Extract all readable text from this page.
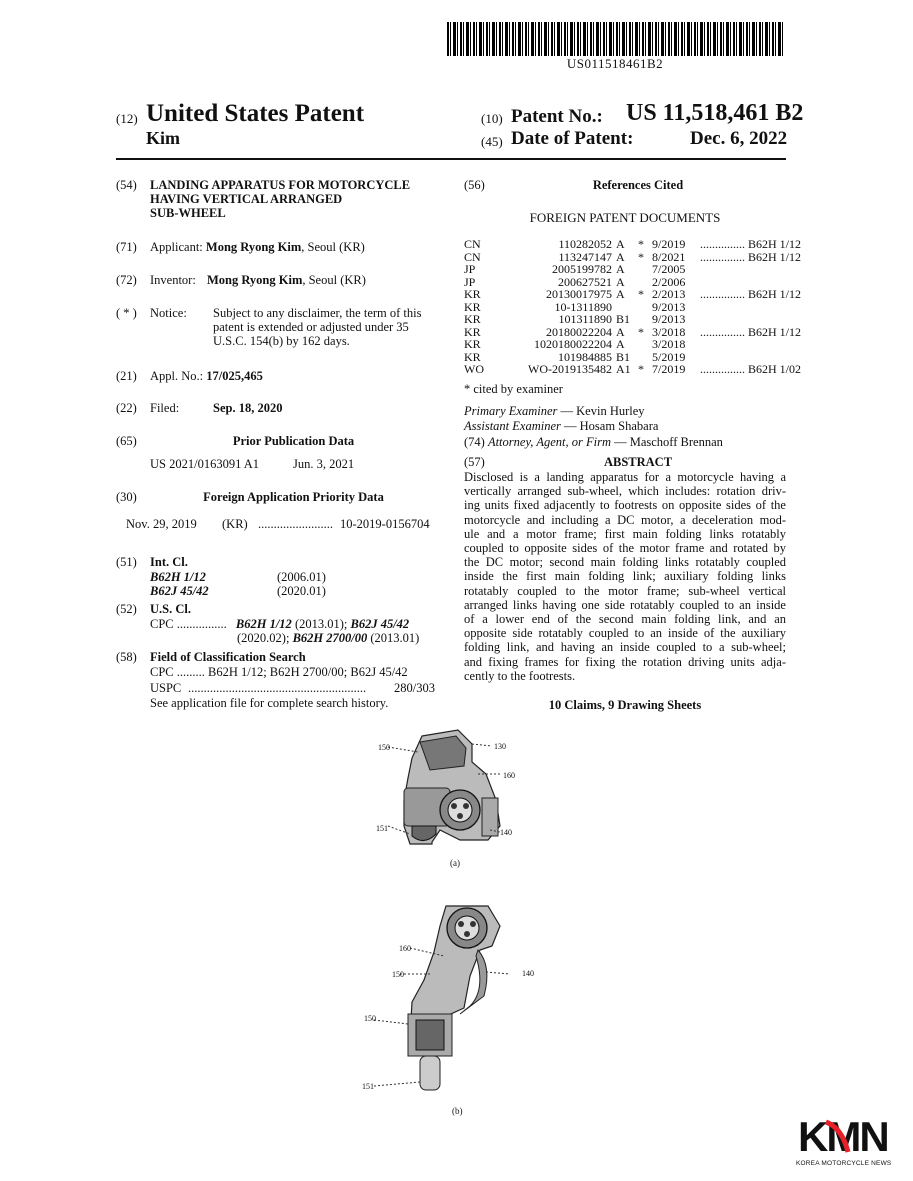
US011518461B2
(12) United States Patent
Kim
(10) Patent No.: US 11,518,461 B2
(45) Date of Patent:	Dec. 6, 2022
(54) LANDING APPARATUS FOR MOTORCYCLE
HAVING VERTICAL ARRANGED
SUB-WHEEL
(71) Applicant: Mong Ryong Kim, Seoul (KR)
(72) Inventor: Mong Ryong Kim, Seoul (KR)
( * ) Notice: Subject to any disclaimer, the term of this
patent is extended or adjusted under 35
U.S.C. 154(b) by 162 days.
(21) Appl. No.: 17/025,465
(22) Filed:	Sep. 18, 2020
(65)	Prior Publication Data
US 2021/0163091 A1	Jun. 3, 2021
(30)	Foreign Application Priority Data
Nov. 29, 2019 (KR) ........................ 10-2019-0156704
(51) Int. Cl.
B62H 1/12	(2006.01)
B62J 45/42	(2020.01)
(52) U.S. Cl.
CPC ................ B62H 1/12 (2013.01); B62J 45/42
(2020.02); B62H 2700/00 (2013.01)
(58) Field of Classification Search
CPC ......... B62H 1/12; B62H 2700/00; B62J 45/42
USPC ......................................................... 280/303
See application file for complete search history.
(56)	References Cited
FOREIGN PATENT DOCUMENTS
CN	110282052	A	*	9/2019	............... B62H 1/12
CN	113247147	A	*	8/2021	............... B62H 1/12
JP	2005199782	A		7/2005	
JP	200627521	A		2/2006	
KR	20130017975	A	*	2/2013	............... B62H 1/12
KR	10-1311890			9/2013	
KR	101311890	B1		9/2013	
KR	20180022204	A	*	3/2018	............... B62H 1/12
KR	1020180022204	A		3/2018	
KR	101984885	B1		5/2019	
WO	WO-2019135482	A1	*	7/2019	............... B62H 1/02
* cited by examiner
Primary Examiner — Kevin Hurley
Assistant Examiner — Hosam Shabara
(74) Attorney, Agent, or Firm — Maschoff Brennan
(57)	ABSTRACT
Disclosed is a landing apparatus for a motorcycle having a
vertically arranged sub-wheel, which includes: rotation driv-
ing units fixed adjacently to footrests on opposite sides of the
motorcycle and including a DC motor, a deceleration mod-
ule and a motor frame; first main folding links rotatably
coupled to opposite sides of the motor frame and rotated by
the DC motor; second main folding links rotatably coupled
inside the first main folding link; auxiliary folding links
rotatably coupled to the motor frame; sub-wheel vertical
arranged links having one side rotatably coupled to an inside
of a lower end of the second main folding link, and an
opposite side rotatably coupled to an inside of the auxiliary
folding link, and having an inside coupled to a sub-wheel;
and fixing frames for fixing the rotation driving units adja-
cently to the footrests.
10 Claims, 9 Drawing Sheets
150	130
160
151	140
(a)
160
150	140
150
151
(b)
KMN
KOREA MOTORCYCLE NEWS
